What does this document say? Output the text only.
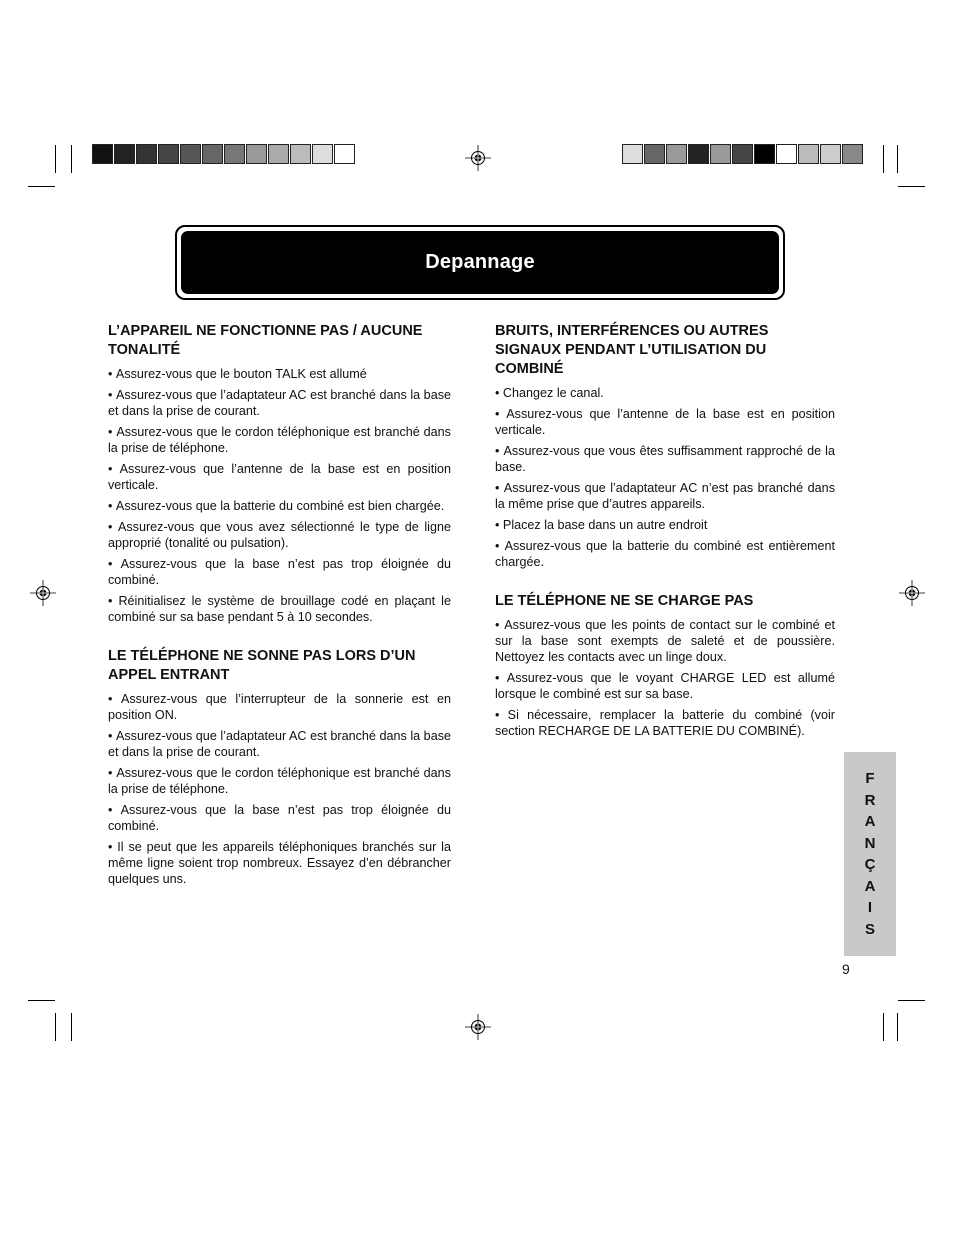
Depannage
L’APPAREIL NE FONCTIONNE PAS / AUCUNE TONALITÉ
• Assurez-vous que le bouton TALK est allumé
• Assurez-vous que l’adaptateur AC est branché dans la base et dans la prise de courant.
• Assurez-vous que le cordon téléphonique est branché dans la prise de téléphone.
• Assurez-vous que l’antenne de la base est en position verticale.
• Assurez-vous que la batterie du combiné est bien chargée.
• Assurez-vous que vous avez sélectionné le type de ligne approprié (tonalité ou pulsation).
• Assurez-vous que la base n’est pas trop éloignée du combiné.
• Réinitialisez le système de brouillage codé en plaçant le combiné sur sa base pendant 5 à 10 secondes.
LE TÉLÉPHONE NE SONNE PAS LORS D’UN APPEL ENTRANT
• Assurez-vous que l’interrupteur de la sonnerie est en position ON.
• Assurez-vous que l’adaptateur AC est branché dans la base et dans la prise de courant.
• Assurez-vous que le cordon téléphonique est branché dans la prise de téléphone.
• Assurez-vous que la base n’est pas trop éloignée du combiné.
• Il se peut que les appareils téléphoniques branchés sur la même ligne soient trop nombreux. Essayez d’en débrancher quelques uns.
BRUITS, INTERFÉRENCES OU AUTRES SIGNAUX PENDANT L’UTILISATION DU COMBINÉ
• Changez le canal.
• Assurez-vous que l’antenne de la base est en position verticale.
• Assurez-vous que vous êtes suffisamment rapproché de la base.
• Assurez-vous que l’adaptateur AC n’est pas branché dans la même prise que d’autres appareils.
• Placez la base dans un autre endroit
• Assurez-vous que la batterie du combiné est entièrement chargée.
LE TÉLÉPHONE NE SE CHARGE PAS
• Assurez-vous que les points de contact sur le combiné et sur la base sont exempts de saleté et de poussière. Nettoyez les contacts avec un linge doux.
• Assurez-vous que le voyant CHARGE LED est allumé lorsque le combiné est sur sa base.
• Si nécessaire, remplacer la batterie du combiné (voir section RECHARGE DE LA BATTERIE DU COMBINÉ).
F
R
A
N
Ç
A
I
S
9
